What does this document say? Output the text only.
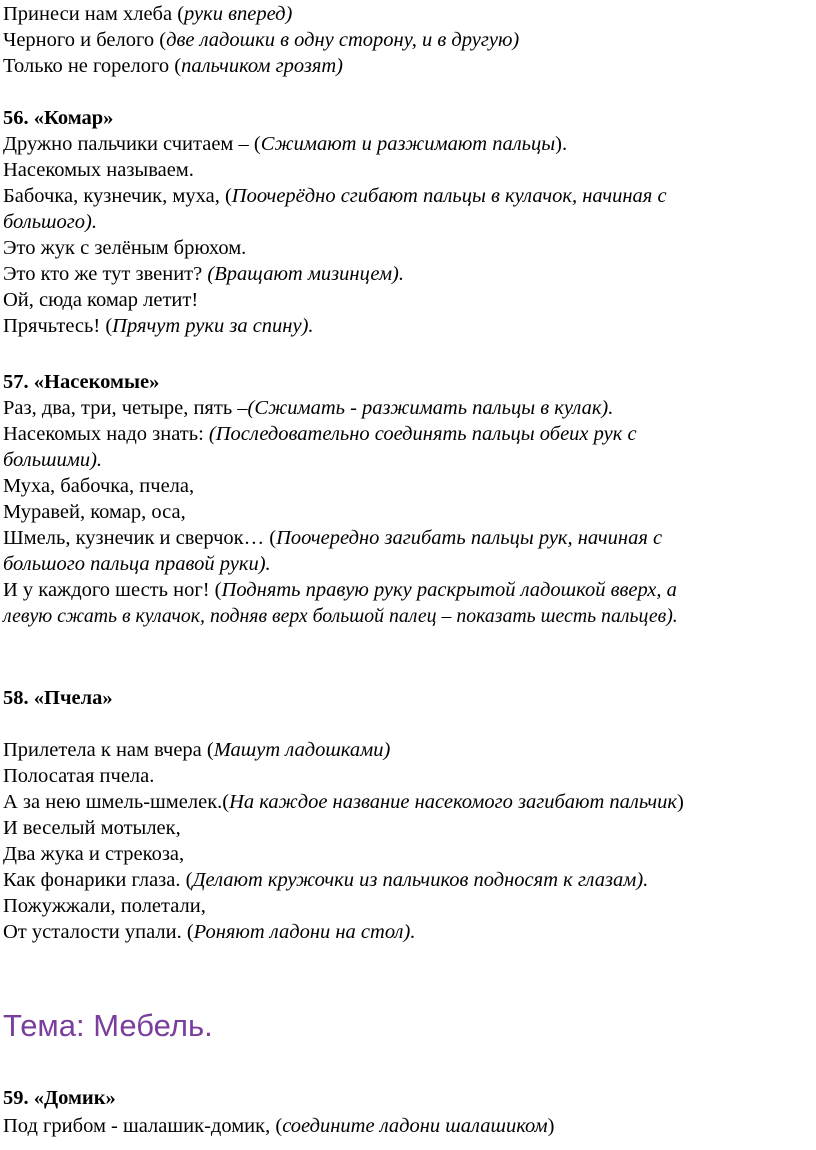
Принеси нам хлеба (руки вперед)
Черного и белого (две ладошки в одну сторону, и в другую)
Только не горелого (пальчиком грозят)
56. «Комар»
Дружно пальчики считаем – (Сжимают и разжимают пальцы).
Насекомых называем.
Бабочка, кузнечик, муха, (Поочерёдно сгибают пальцы в кулачок, начиная с
большого).
Это жук с зелёным брюхом.
Это кто же тут звенит? (Вращают мизинцем).
Ой, сюда комар летит!
Прячьтесь! (Прячут руки за спину).
57. «Насекомые»
Раз, два, три, четыре, пять –(Сжимать - разжимать пальцы в кулак).
Насекомых надо знать: (Последовательно соединять пальцы обеих рук с
большими).
Муха, бабочка, пчела,
Муравей, комар, оса,
Шмель, кузнечик и сверчок… (Поочередно загибать пальцы рук, начиная с
большого пальца правой руки).
И у каждого шесть ног! (Поднять правую руку раскрытой ладошкой вверх, а
левую сжать в кулачок, подняв верх большой палец – показать шесть пальцев).
58. «Пчела»
Прилетела к нам вчера (Машут ладошками)
Полосатая пчела.
А за нею шмель-шмелек.(На каждое название насекомого загибают пальчик)
И веселый мотылек,
Два жука и стрекоза,
Как фонарики глаза. (Делают кружочки из пальчиков подносят к глазам).
Пожужжали, полетали,
От усталости упали. (Роняют ладони на стол).
Тема: Мебель.
59. «Домик»
Под грибом - шалашик-домик, (соедините ладони шалашиком)
